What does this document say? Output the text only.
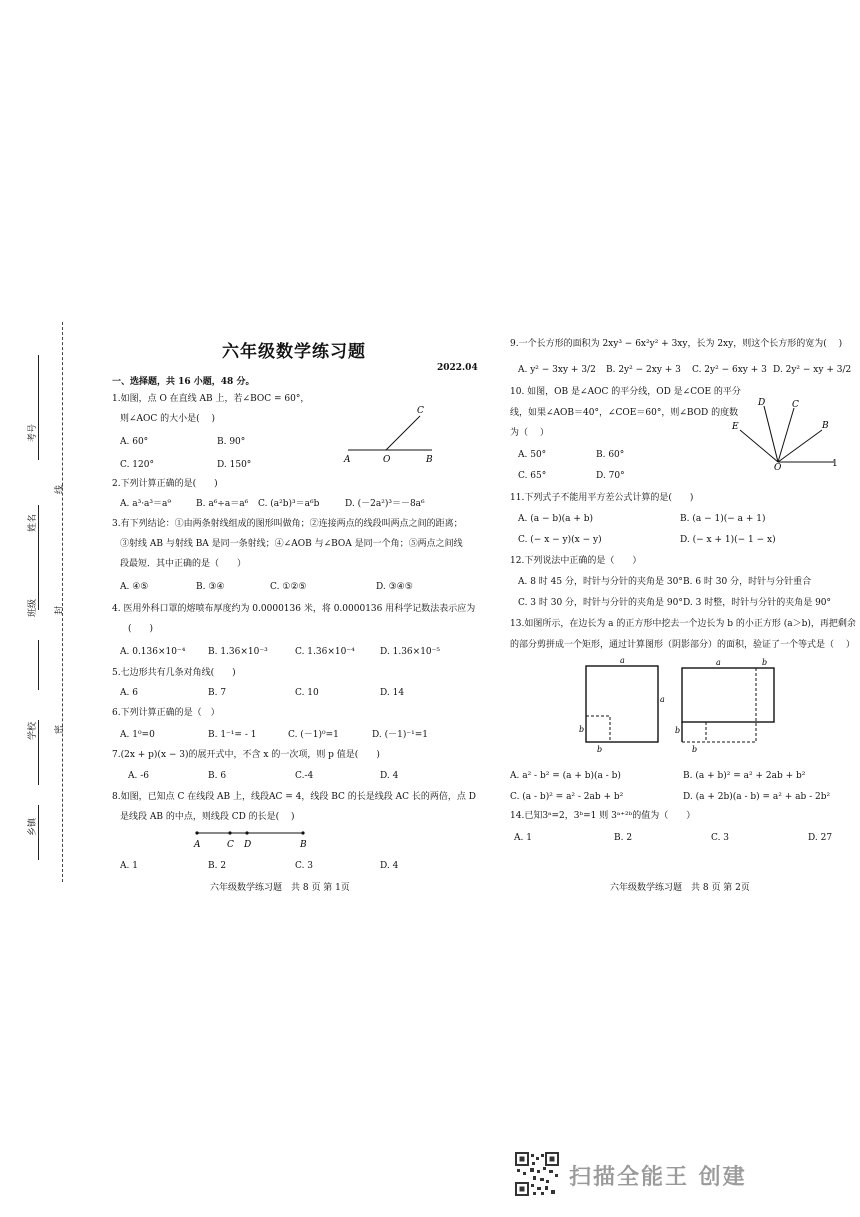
考号
姓名
班级
学校
乡镇
线
封
密
六年级数学练习题
2022.04
一、选择题，共 16 小题，48 分。
1.如图，点 O 在直线 AB 上，若∠BOC = 60°，
则∠AOC 的大小是(　 )
A. 60°	B. 90°
C. 120°	D. 150°	A	O	B
C
2.下列计算正确的是(　　)
A. a³·a³＝a⁹	B. a⁶÷a＝a⁶ C. (a²b)³＝a⁶b	D. (－2a²)³＝－8a⁶
3.有下列结论：①由两条射线组成的图形叫做角；②连接两点的线段叫两点之间的距离；
③射线 AB 与射线 BA 是同一条射线；④∠AOB 与∠BOA 是同一个角；⑤两点之间线
段最短．其中正确的是（　　）
A. ④⑤	B. ③④	C. ①②⑤	D. ③④⑤
4. 医用外科口罩的熔喷布厚度约为 0.0000136 米，将 0.0000136 用科学记数法表示应为
(　　)
A. 0.136×10⁻⁴	B. 1.36×10⁻³	C. 1.36×10⁻⁴	D. 1.36×10⁻⁵
5.七边形共有几条对角线(　　)
A. 6	B. 7	C. 10	D. 14
6.下列计算正确的是（　）
A. 1⁰=0	B. 1⁻¹= - 1	C. (－1)⁰=1	D. (－1)⁻¹=1
7.(2x + p)(x − 3)的展开式中，不含 x 的一次项，则 p 值是(　　)
A. -6	B. 6	C.-4	D. 4
8.如图，已知点 C 在线段 AB 上，线段AC = 4，线段 BC 的长是线段 AC 长的两倍，点 D
是线段 AB 的中点，则线段 CD 的长是(　 )
A	C D	B
A. 1	B. 2	C. 3	D. 4
六年级数学练习题　共 8 页 第 1页
9.一个长方形的面积为 2xy³ − 6x²y² + 3xy，长为 2xy，则这个长方形的宽为(　 )
A. y² − 3xy + 3/2 B. 2y² − 2xy + 3 C. 2y² − 6xy + 3 D. 2y² − xy + 3/2
10. 如图，OB 是∠AOC 的平分线，OD 是∠COE 的平分
线，如果∠AOB＝40°，∠COE＝60°，则∠BOD 的度数
为（　 ）
A. 50°	B. 60°
C. 65°	D. 70°
D	C
E	B
O	1
11.下列式子不能用平方差公式计算的是(　　)
A. (a − b)(a + b)	B. (a − 1)(− a + 1)
C. (− x − y)(x − y)	D. (− x + 1)(− 1 − x)
12.下列说法中正确的是（　　）
A. 8 时 45 分，时针与分针的夹角是 30° B. 6 时 30 分，时针与分针重合
C. 3 时 30 分，时针与分针的夹角是 90° D. 3 时整，时针与分针的夹角是 90°
13.如图所示，在边长为 a 的正方形中挖去一个边长为 b 的小正方形 (a＞b)，再把剩余
的部分剪拼成一个矩形，通过计算图形（阴影部分）的面积，验证了一个等式是（　 ）
a
a
b
b
b
b
a	b
A. a² - b² = (a + b)(a - b)	B. (a + b)² = a² + 2ab + b²
C. (a - b)² = a² - 2ab + b²	D. (a + 2b)(a - b) = a² + ab - 2b²
14.已知3ᵃ=2，3ᵇ=1 则 3ᵃ⁺²ᵇ的值为（　　）
A. 1	B. 2	C. 3	D. 27
六年级数学练习题　共 8 页 第 2页
扫描全能王 创建
